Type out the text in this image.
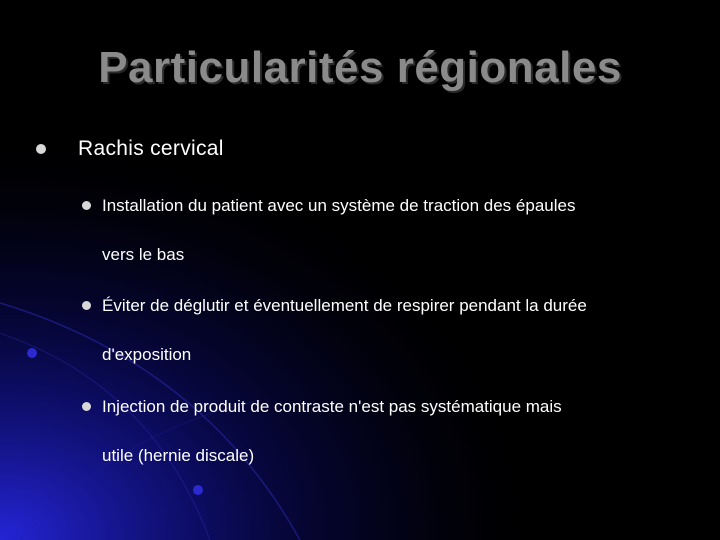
Particularités régionales
Rachis cervical
Installation du patient avec un système de traction des épaules
vers le bas
Éviter de déglutir et éventuellement de respirer pendant la durée
d'exposition
Injection de produit de contraste n'est pas systématique mais
utile (hernie discale)
